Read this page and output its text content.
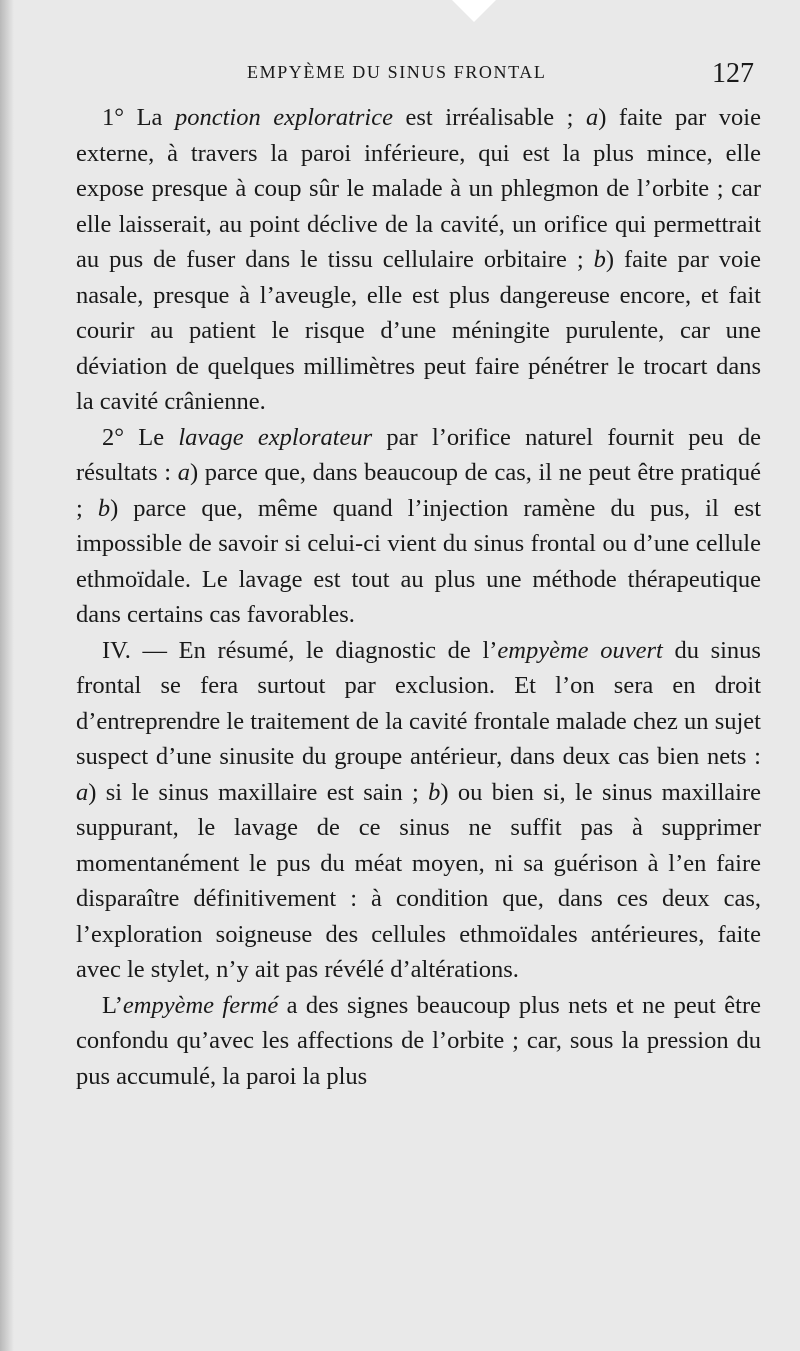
EMPYÈME DU SINUS FRONTAL	127

1° La ponction exploratrice est irréalisable ; a) faite par voie externe, à travers la paroi inférieure, qui est la plus mince, elle expose presque à coup sûr le malade à un phlegmon de l’orbite ; car elle laisserait, au point déclive de la cavité, un orifice qui permettrait au pus de fuser dans le tissu cellulaire orbitaire ; b) faite par voie nasale, presque à l’aveugle, elle est plus dangereuse encore, et fait courir au patient le risque d’une méningite purulente, car une déviation de quelques millimètres peut faire pénétrer le trocart dans la cavité crânienne.

2° Le lavage explorateur par l’orifice naturel fournit peu de résultats : a) parce que, dans beaucoup de cas, il ne peut être pratiqué ; b) parce que, même quand l’injection ramène du pus, il est impossible de savoir si celui-ci vient du sinus frontal ou d’une cellule ethmoïdale. Le lavage est tout au plus une méthode thérapeutique dans certains cas favorables.

IV. — En résumé, le diagnostic de l’empyème ouvert du sinus frontal se fera surtout par exclusion. Et l’on sera en droit d’entreprendre le traitement de la cavité frontale malade chez un sujet suspect d’une sinusite du groupe antérieur, dans deux cas bien nets : a) si le sinus maxillaire est sain ; b) ou bien si, le sinus maxillaire suppurant, le lavage de ce sinus ne suffit pas à supprimer momentanément le pus du méat moyen, ni sa guérison à l’en faire disparaître définitivement : à condition que, dans ces deux cas, l’exploration soigneuse des cellules ethmoïdales antérieures, faite avec le stylet, n’y ait pas révélé d’altérations.

L’empyème fermé a des signes beaucoup plus nets et ne peut être confondu qu’avec les affections de l’orbite ; car, sous la pression du pus accumulé, la paroi la plus
